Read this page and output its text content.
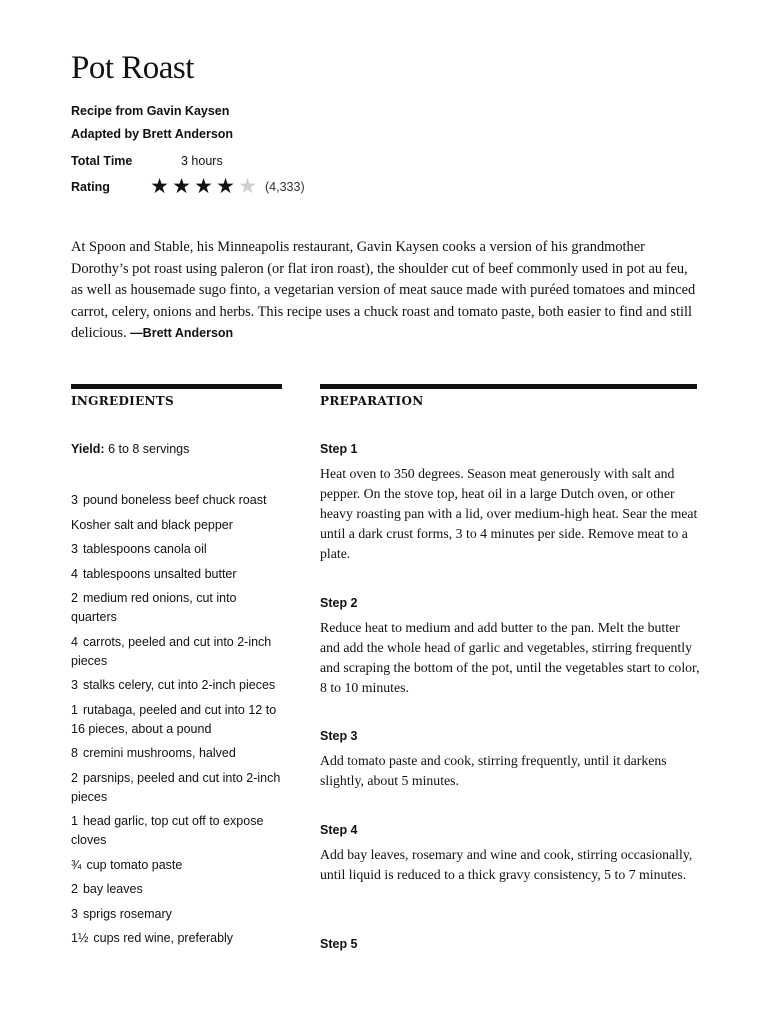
Pot Roast
Recipe from Gavin Kaysen
Adapted by Brett Anderson
Total Time	3 hours
Rating	★ ★ ★ ★ ★ (4,333)

At Spoon and Stable, his Minneapolis restaurant, Gavin Kaysen cooks a version of his grandmother Dorothy’s pot roast using paleron (or flat iron roast), the shoulder cut of beef commonly used in pot au feu, as well as housemade sugo finto, a vegetarian version of meat sauce made with puréed tomatoes and minced carrot, celery, onions and herbs. This recipe uses a chuck roast and tomato paste, both easier to find and still delicious. —Brett Anderson

INGREDIENTS	PREPARATION
Yield: 6 to 8 servings
3 pound boneless beef chuck roast
Kosher salt and black pepper
3 tablespoons canola oil
4 tablespoons unsalted butter
2 medium red onions, cut into quarters
4 carrots, peeled and cut into 2-inch pieces
3 stalks celery, cut into 2-inch pieces
1 rutabaga, peeled and cut into 12 to 16 pieces, about a pound
8 cremini mushrooms, halved
2 parsnips, peeled and cut into 2-inch pieces
1 head garlic, top cut off to expose cloves
¾ cup tomato paste
2 bay leaves
3 sprigs rosemary
1½ cups red wine, preferably
Step 1

Heat oven to 350 degrees. Season meat generously with salt and pepper. On the stove top, heat oil in a large Dutch oven, or other heavy roasting pan with a lid, over medium-high heat. Sear the meat until a dark crust forms, 3 to 4 minutes per side. Remove meat to a plate.

Step 2

Reduce heat to medium and add butter to the pan. Melt the butter and add the whole head of garlic and vegetables, stirring frequently and scraping the bottom of the pot, until the vegetables start to color, 8 to 10 minutes.

Step 3

Add tomato paste and cook, stirring frequently, until it darkens slightly, about 5 minutes.

Step 4

Add bay leaves, rosemary and wine and cook, stirring occasionally, until liquid is reduced to a thick gravy consistency, 5 to 7 minutes.

Step 5
